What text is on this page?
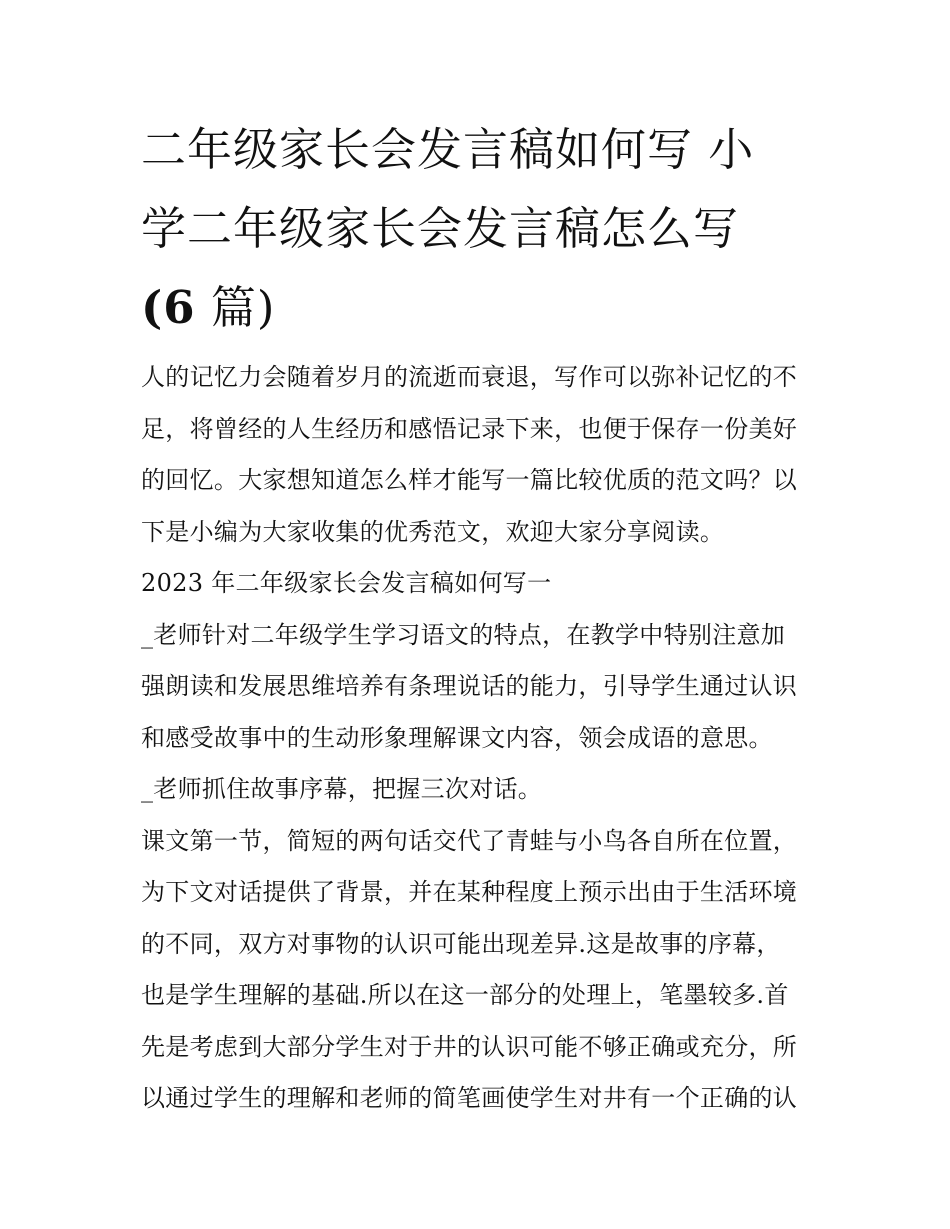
二年级家长会发言稿如何写 小
学二年级家长会发言稿怎么写
(6 篇)
人的记忆力会随着岁月的流逝而衰退，写作可以弥补记忆的不
足，将曾经的人生经历和感悟记录下来，也便于保存一份美好
的回忆。大家想知道怎么样才能写一篇比较优质的范文吗？以
下是小编为大家收集的优秀范文，欢迎大家分享阅读。
2023 年二年级家长会发言稿如何写一
_老师针对二年级学生学习语文的特点，在教学中特别注意加
强朗读和发展思维培养有条理说话的能力，引导学生通过认识
和感受故事中的生动形象理解课文内容，领会成语的意思。
_老师抓住故事序幕，把握三次对话。
课文第一节，简短的两句话交代了青蛙与小鸟各自所在位置，
为下文对话提供了背景，并在某种程度上预示出由于生活环境
的不同，双方对事物的认识可能出现差异.这是故事的序幕，
也是学生理解的基础.所以在这一部分的处理上，笔墨较多.首
先是考虑到大部分学生对于井的认识可能不够正确或充分，所
以通过学生的理解和老师的简笔画使学生对井有一个正确的认
